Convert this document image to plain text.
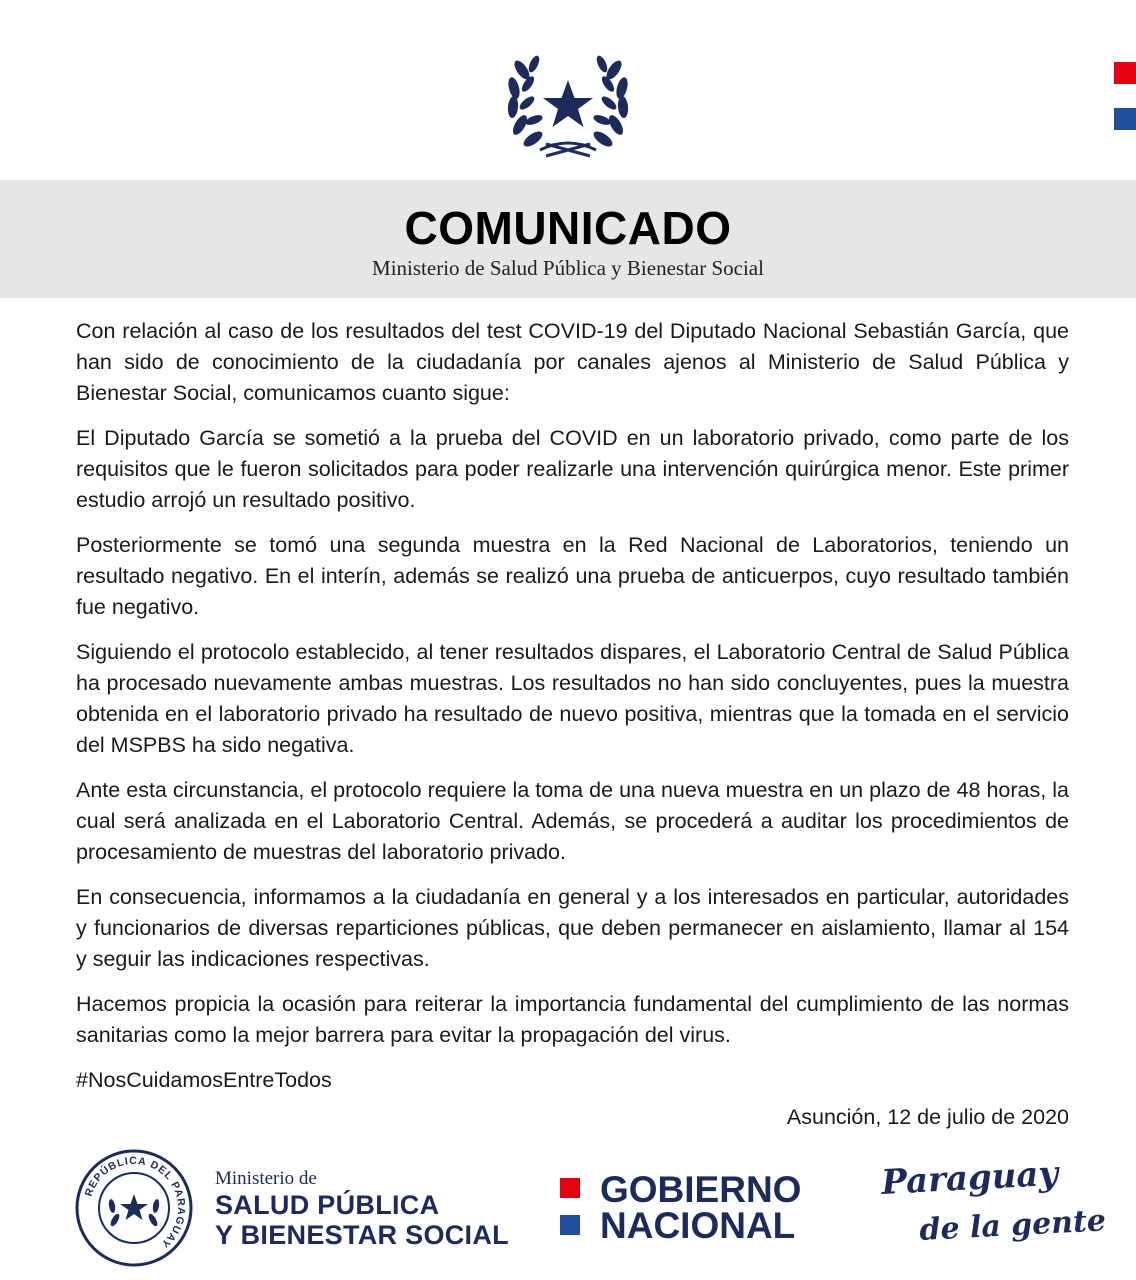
COMUNICADO
Ministerio de Salud Pública y Bienestar Social

Con relación al caso de los resultados del test COVID-19 del Diputado Nacional Sebastián García, que han sido de conocimiento de la ciudadanía por canales ajenos al Ministerio de Salud Pública y Bienestar Social, comunicamos cuanto sigue:

El Diputado García se sometió a la prueba del COVID en un laboratorio privado, como parte de los requisitos que le fueron solicitados para poder realizarle una intervención quirúrgica menor. Este primer estudio arrojó un resultado positivo.

Posteriormente se tomó una segunda muestra en la Red Nacional de Laboratorios, teniendo un resultado negativo. En el interín, además se realizó una prueba de anticuerpos, cuyo resultado también fue negativo.

Siguiendo el protocolo establecido, al tener resultados dispares, el Laboratorio Central de Salud Pública ha procesado nuevamente ambas muestras. Los resultados no han sido concluyentes, pues la muestra obtenida en el laboratorio privado ha resultado de nuevo positiva, mientras que la tomada en el servicio del MSPBS ha sido negativa.

Ante esta circunstancia, el protocolo requiere la toma de una nueva muestra en un plazo de 48 horas, la cual será analizada en el Laboratorio Central. Además, se procederá a auditar los procedimientos de procesamiento de muestras del laboratorio privado.

En consecuencia, informamos a la ciudadanía en general y a los interesados en particular, autoridades y funcionarios de diversas reparticiones públicas, que deben permanecer en aislamiento, llamar al 154 y seguir las indicaciones respectivas.

Hacemos propicia la ocasión para reiterar la importancia fundamental del cumplimiento de las normas sanitarias como la mejor barrera para evitar la propagación del virus.

#NosCuidamosEntreTodos

Asunción, 12 de julio de 2020
REPÚBLICA DEL PARAGUAY
Ministerio de
SALUD PÚBLICA
Y BIENESTAR SOCIAL
GOBIERNO
NACIONAL
Paraguay
de la gente
